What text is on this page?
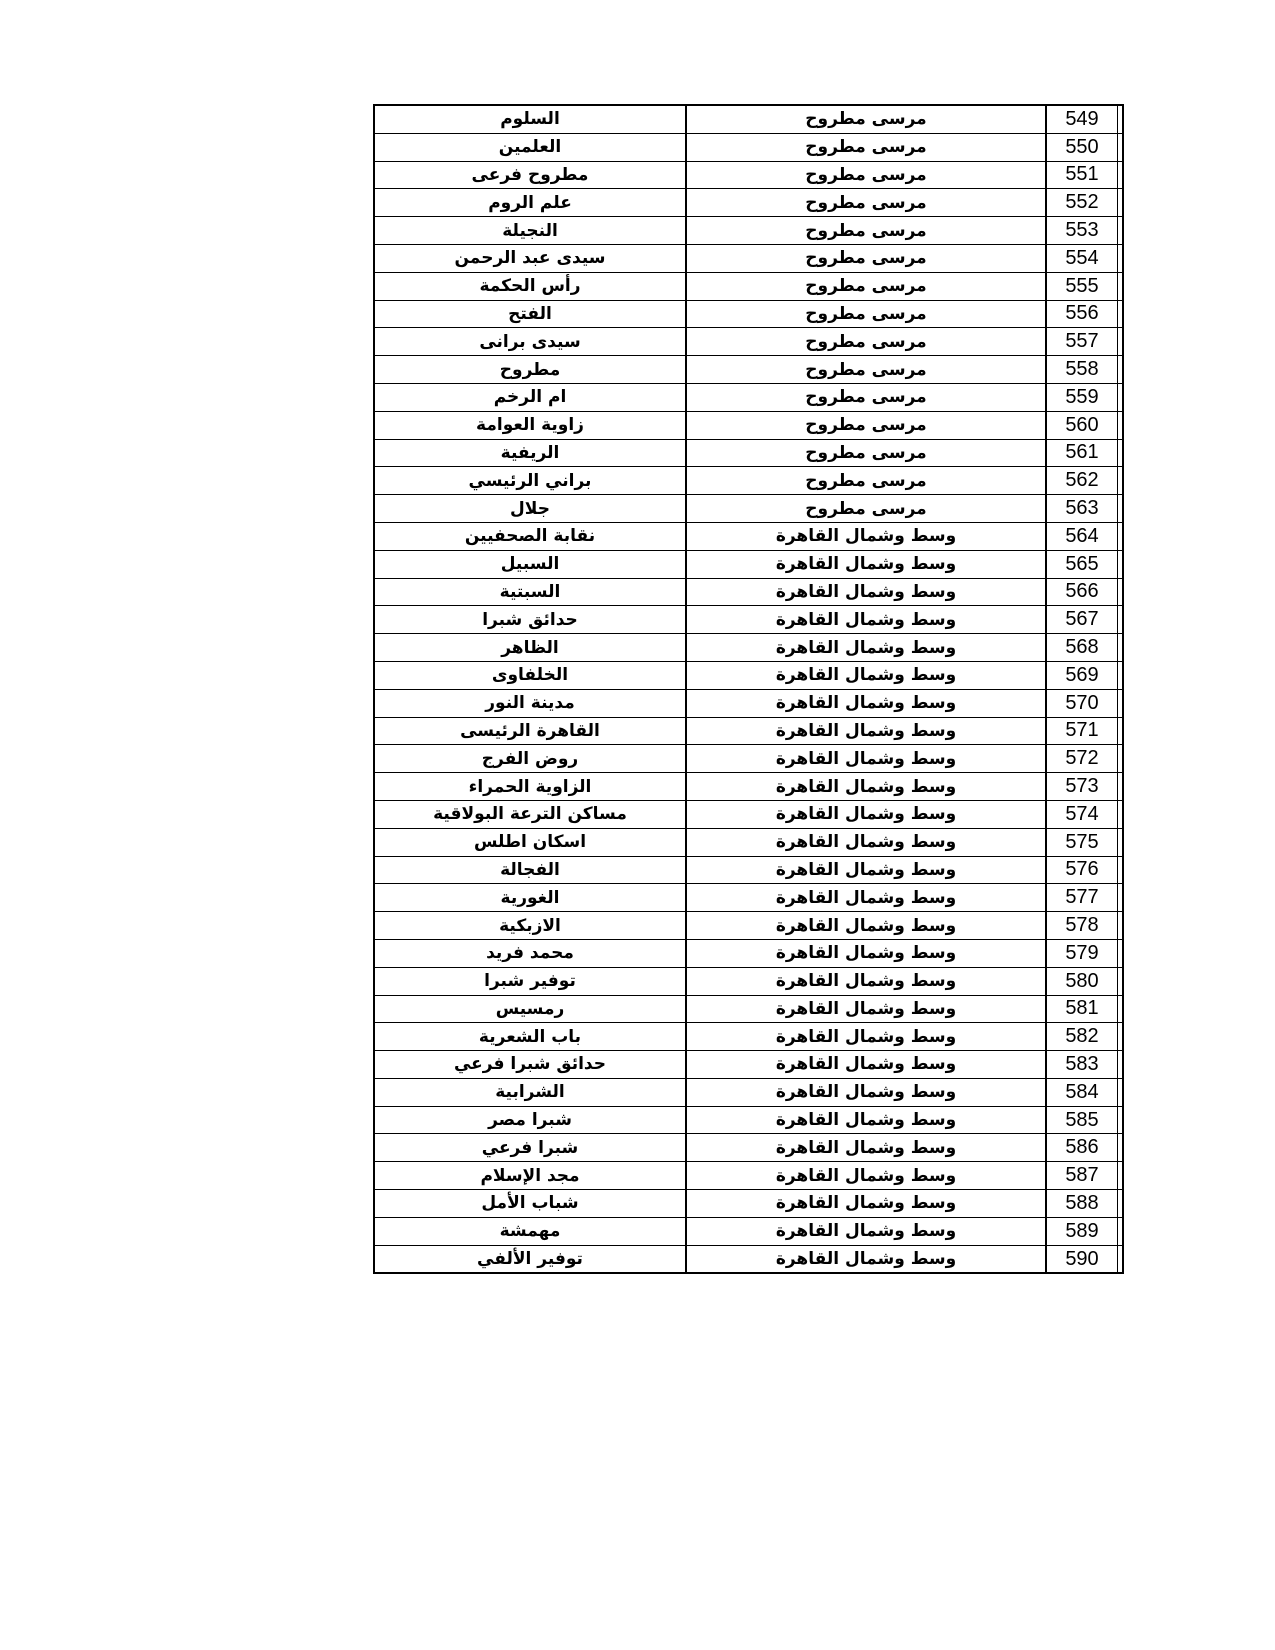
السلوم	مرسى مطروح	549	
العلمين	مرسى مطروح	550	
مطروح فرعى	مرسى مطروح	551	
علم الروم	مرسى مطروح	552	
النجيلة	مرسى مطروح	553	
سيدى عبد الرحمن	مرسى مطروح	554	
رأس الحكمة	مرسى مطروح	555	
الفتح	مرسى مطروح	556	
سيدى برانى	مرسى مطروح	557	
مطروح	مرسى مطروح	558	
ام الرخم	مرسى مطروح	559	
زاوية العوامة	مرسى مطروح	560	
الريفية	مرسى مطروح	561	
براني الرئيسي	مرسى مطروح	562	
جلال	مرسى مطروح	563	
نقابة الصحفيين	وسط وشمال القاهرة	564	
السبيل	وسط وشمال القاهرة	565	
السبتية	وسط وشمال القاهرة	566	
حدائق شبرا	وسط وشمال القاهرة	567	
الظاهر	وسط وشمال القاهرة	568	
الخلفاوى	وسط وشمال القاهرة	569	
مدينة النور	وسط وشمال القاهرة	570	
القاهرة الرئيسى	وسط وشمال القاهرة	571	
روض الفرج	وسط وشمال القاهرة	572	
الزاوية الحمراء	وسط وشمال القاهرة	573	
مساكن الترعة البولاقية	وسط وشمال القاهرة	574	
اسكان اطلس	وسط وشمال القاهرة	575	
الفجالة	وسط وشمال القاهرة	576	
الغورية	وسط وشمال القاهرة	577	
الازبكية	وسط وشمال القاهرة	578	
محمد فريد	وسط وشمال القاهرة	579	
توفير شبرا	وسط وشمال القاهرة	580	
رمسيس	وسط وشمال القاهرة	581	
باب الشعرية	وسط وشمال القاهرة	582	
حدائق شبرا فرعي	وسط وشمال القاهرة	583	
الشرابية	وسط وشمال القاهرة	584	
شبرا مصر	وسط وشمال القاهرة	585	
شبرا فرعي	وسط وشمال القاهرة	586	
مجد الإسلام	وسط وشمال القاهرة	587	
شباب الأمل	وسط وشمال القاهرة	588	
مهمشة	وسط وشمال القاهرة	589	
توفير الألفي	وسط وشمال القاهرة	590	
